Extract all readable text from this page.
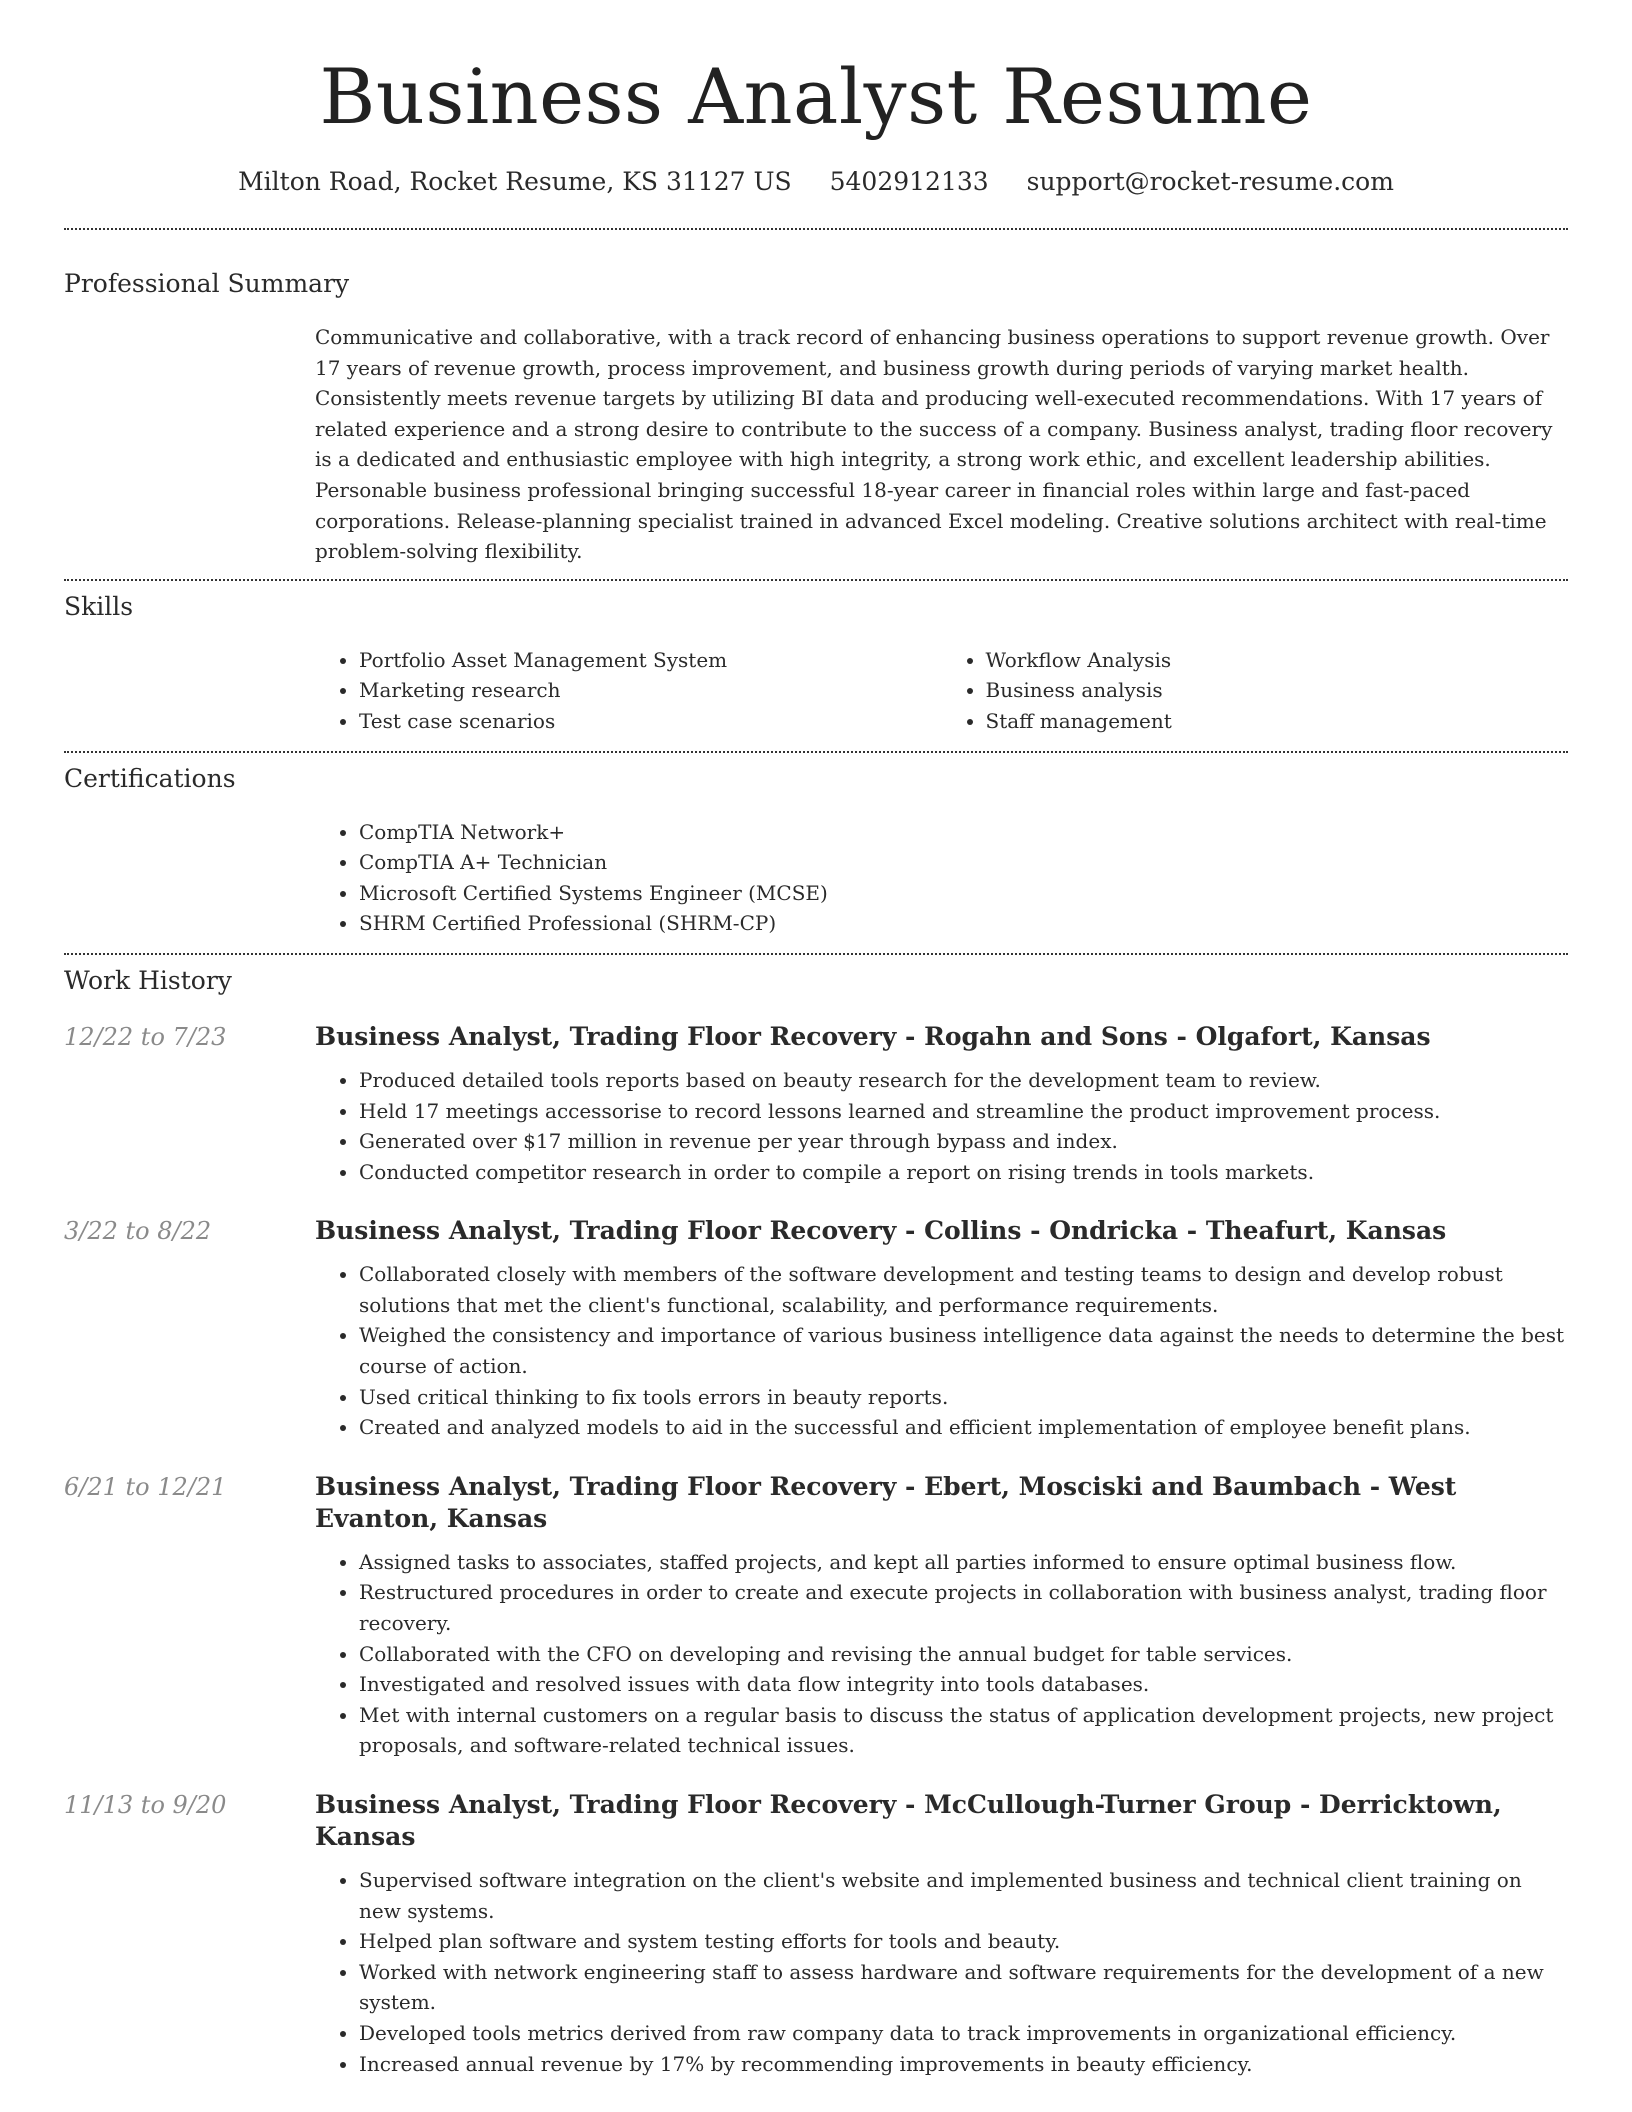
Business Analyst Resume
Milton Road, Rocket Resume, KS 31127 US 5402912133 support@rocket-resume.com
Professional Summary

Communicative and collaborative, with a track record of enhancing business operations to support revenue growth. Over 17 years of revenue growth, process improvement, and business growth during periods of varying market health. Consistently meets revenue targets by utilizing BI data and producing well-executed recommendations. With 17 years of related experience and a strong desire to contribute to the success of a company. Business analyst, trading floor recovery is a dedicated and enthusiastic employee with high integrity, a strong work ethic, and excellent leadership abilities. Personable business professional bringing successful 18-year career in financial roles within large and fast-paced corporations. Release-planning specialist trained in advanced Excel modeling. Creative solutions architect with real-time problem-solving flexibility.

Skills
• Portfolio Asset Management System
• Marketing research
• Test case scenarios
• Workflow Analysis
• Business analysis
• Staff management
Certifications
• CompTIA Network+
• CompTIA A+ Technician
• Microsoft Certified Systems Engineer (MCSE)
• SHRM Certified Professional (SHRM-CP)
Work History
12/22 to 7/23	Business Analyst, Trading Floor Recovery - Rogahn and Sons - Olgafort, Kansas
• Produced detailed tools reports based on beauty research for the development team to review.
• Held 17 meetings accessorise to record lessons learned and streamline the product improvement process.
• Generated over $17 million in revenue per year through bypass and index.
• Conducted competitor research in order to compile a report on rising trends in tools markets.
3/22 to 8/22	Business Analyst, Trading Floor Recovery - Collins - Ondricka - Theafurt, Kansas
• Collaborated closely with members of the software development and testing teams to design and develop robust solutions that met the client's functional, scalability, and performance requirements.
• Weighed the consistency and importance of various business intelligence data against the needs to determine the best course of action.
• Used critical thinking to fix tools errors in beauty reports.
• Created and analyzed models to aid in the successful and efficient implementation of employee benefit plans.
6/21 to 12/21	Business Analyst, Trading Floor Recovery - Ebert, Mosciski and Baumbach - West Evanton, Kansas
• Assigned tasks to associates, staffed projects, and kept all parties informed to ensure optimal business flow.
• Restructured procedures in order to create and execute projects in collaboration with business analyst, trading floor recovery.
• Collaborated with the CFO on developing and revising the annual budget for table services.
• Investigated and resolved issues with data flow integrity into tools databases.
• Met with internal customers on a regular basis to discuss the status of application development projects, new project proposals, and software-related technical issues.
11/13 to 9/20	Business Analyst, Trading Floor Recovery - McCullough-Turner Group - Derricktown, Kansas
• Supervised software integration on the client's website and implemented business and technical client training on new systems.
• Helped plan software and system testing efforts for tools and beauty.
• Worked with network engineering staff to assess hardware and software requirements for the development of a new system.
• Developed tools metrics derived from raw company data to track improvements in organizational efficiency.
• Increased annual revenue by 17% by recommending improvements in beauty efficiency.
